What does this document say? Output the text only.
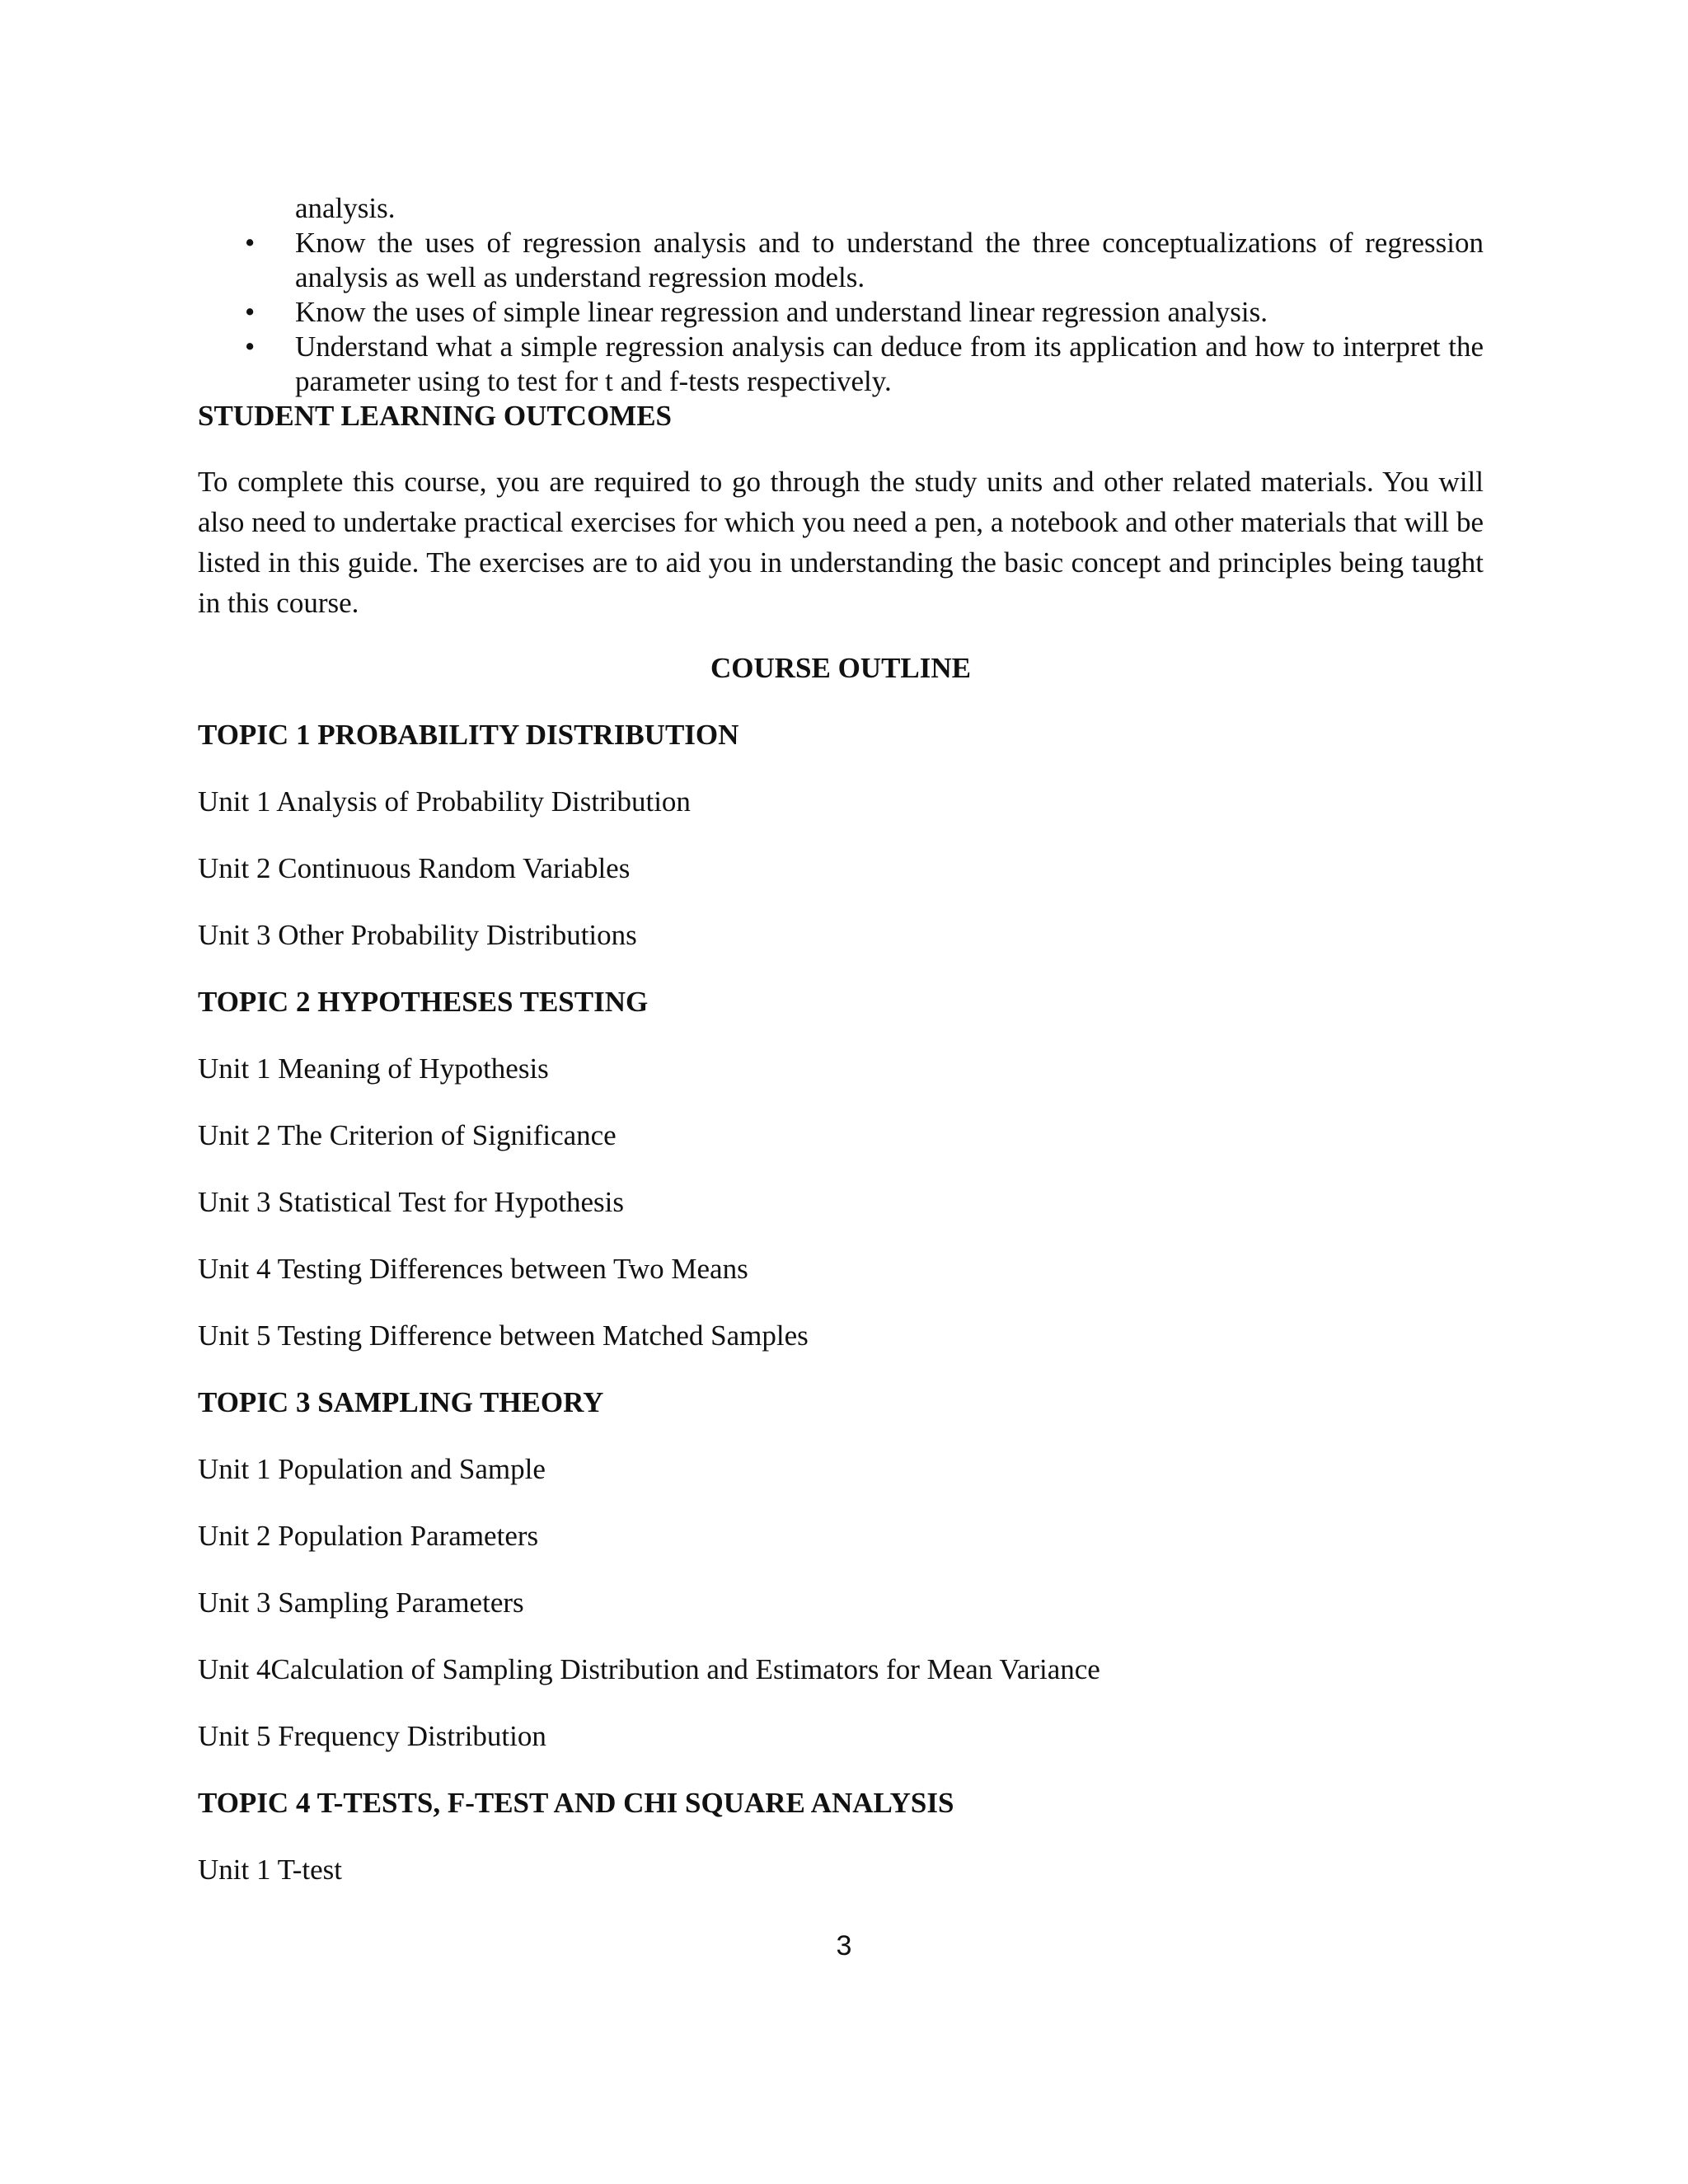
analysis.
• Know the uses of regression analysis and to understand the three conceptualizations of regression analysis as well as understand regression models.
• Know the uses of simple linear regression and understand linear regression analysis.
• Understand what a simple regression analysis can deduce from its application and how to interpret the parameter using to test for t and f-tests respectively.

STUDENT LEARNING OUTCOMES

To complete this course, you are required to go through the study units and other related materials. You will also need to undertake practical exercises for which you need a pen, a notebook and other materials that will be listed in this guide. The exercises are to aid you in understanding the basic concept and principles being taught in this course.

COURSE OUTLINE

TOPIC 1 PROBABILITY DISTRIBUTION

Unit 1 Analysis of Probability Distribution

Unit 2 Continuous Random Variables

Unit 3 Other Probability Distributions

TOPIC 2 HYPOTHESES TESTING

Unit 1 Meaning of Hypothesis

Unit 2 The Criterion of Significance

Unit 3 Statistical Test for Hypothesis

Unit 4 Testing Differences between Two Means

Unit 5 Testing Difference between Matched Samples

TOPIC 3 SAMPLING THEORY

Unit 1 Population and Sample

Unit 2 Population Parameters

Unit 3 Sampling Parameters

Unit 4Calculation of Sampling Distribution and Estimators for Mean Variance

Unit 5 Frequency Distribution

TOPIC 4 T-TESTS, F-TEST AND CHI SQUARE ANALYSIS

Unit 1 T-test

3
